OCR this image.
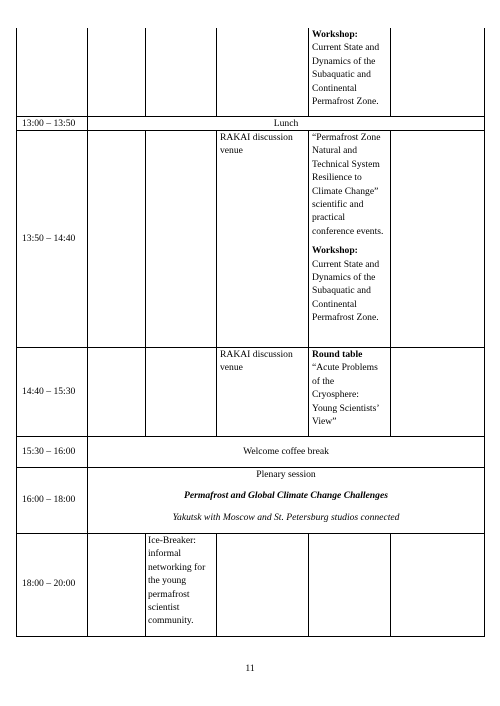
Workshop:

Current State and Dynamics of the Subaquatic and Continental Permafrost Zone.

13:00 – 13:50	Lunch
13:50 – 14:40
RAKAI discussion venue

“Permafrost Zone Natural and Technical System Resilience to Climate Change” scientific and practical conference events.

Workshop:

Current State and Dynamics of the Subaquatic and Continental Permafrost Zone.

14:40 – 15:30
RAKAI discussion venue

Round table

“Acute Problems of the Cryosphere: Young Scientists’ View”

15:30 – 16:00	Welcome coffee break
16:00 – 18:00
Plenary session
Permafrost and Global Climate Change Challenges
Yakutsk with Moscow and St. Petersburg studios connected
18:00 – 20:00
Ice-Breaker: informal networking for the young permafrost scientist community.
11
